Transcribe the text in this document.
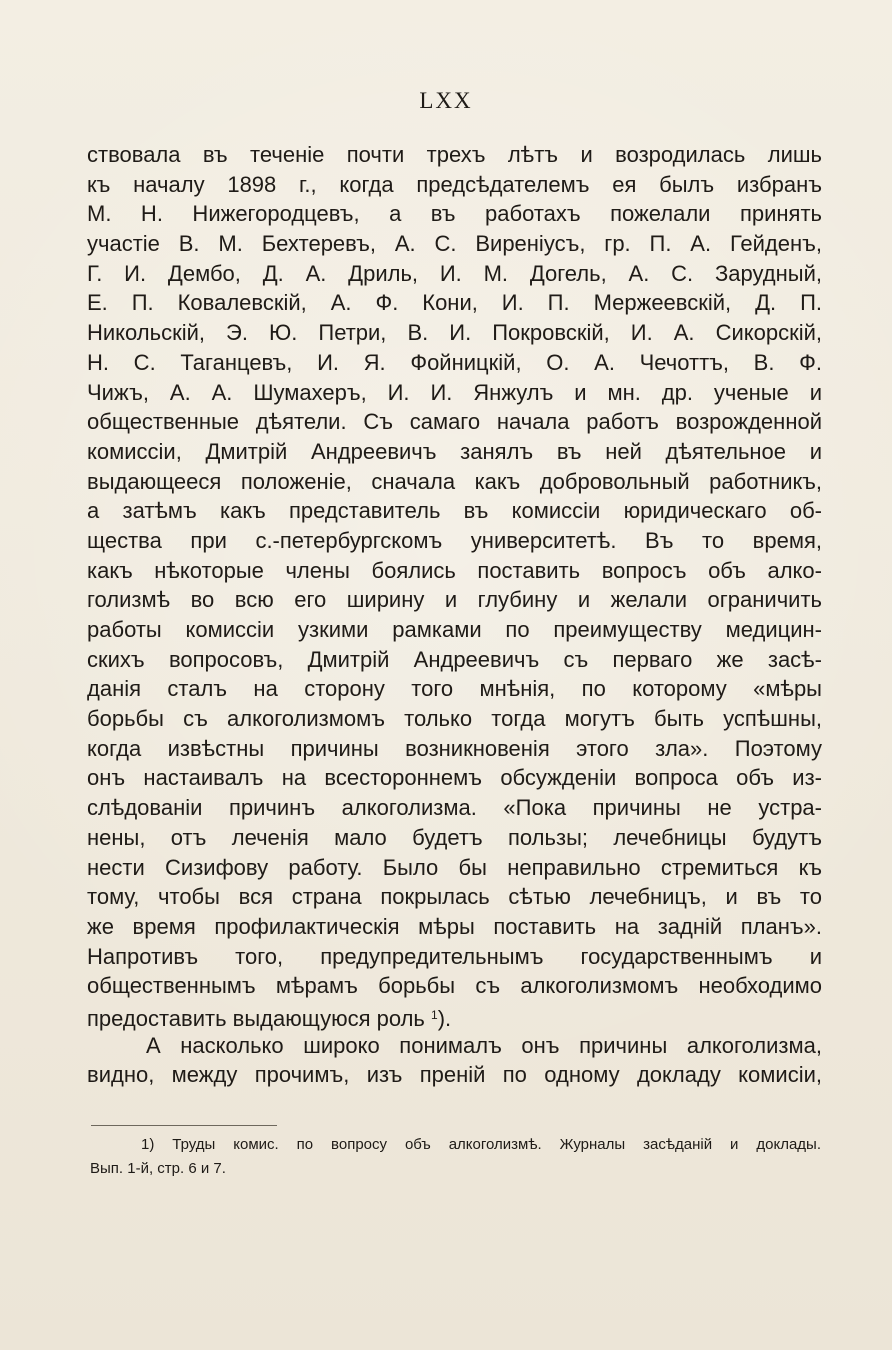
LXX
ствовала въ теченіе почти трехъ лѣтъ и возродилась лишь
къ началу 1898 г., когда предсѣдателемъ ея былъ избранъ
М. Н. Нижегородцевъ, а въ работахъ пожелали принять
участіе В. М. Бехтеревъ, А. С. Виреніусъ, гр. П. А. Гейденъ,
Г. И. Дембо, Д. А. Дриль, И. М. Догель, А. С. Зарудный,
Е. П. Ковалевскій, А. Ф. Кони, И. П. Мержеевскій, Д. П.
Никольскій, Э. Ю. Петри, В. И. Покровскій, И. А. Сикорскій,
Н. С. Таганцевъ, И. Я. Фойницкій, О. А. Чечоттъ, В. Ф.
Чижъ, А. А. Шумахеръ, И. И. Янжулъ и мн. др. ученые и
общественные дѣятели. Съ самаго начала работъ возрожденной
комиссіи, Дмитрій Андреевичъ занялъ въ ней дѣятельное и
выдающееся положеніе, сначала какъ добровольный работникъ,
а затѣмъ какъ представитель въ комиссіи юридическаго об-
щества при с.-петербургскомъ университетѣ. Въ то время,
какъ нѣкоторые члены боялись поставить вопросъ объ алко-
голизмѣ во всю его ширину и глубину и желали ограничить
работы комиссіи узкими рамками по преимуществу медицин-
скихъ вопросовъ, Дмитрій Андреевичъ съ перваго же засѣ-
данія сталъ на сторону того мнѣнія, по которому «мѣры
борьбы съ алкоголизмомъ только тогда могутъ быть успѣшны,
когда извѣстны причины возникновенія этого зла». Поэтому
онъ настаивалъ на всестороннемъ обсужденіи вопроса объ из-
слѣдованіи причинъ алкоголизма. «Пока причины не устра-
нены, отъ леченія мало будетъ пользы; лечебницы будутъ
нести Сизифову работу. Было бы неправильно стремиться къ
тому, чтобы вся страна покрылась сѣтью лечебницъ, и въ то
же время профилактическія мѣры поставить на задній планъ».
Напротивъ того, предупредительнымъ государственнымъ и
общественнымъ мѣрамъ борьбы съ алкоголизмомъ необходимо
предоставить выдающуюся роль $^1$).
А насколько широко понималъ онъ причины алкоголизма,
видно, между прочимъ, изъ преній по одному докладу комисіи,
1) Труды комис. по вопросу объ алкоголизмѣ. Журналы засѣданій и доклады.
Вып. 1-й, стр. 6 и 7.
